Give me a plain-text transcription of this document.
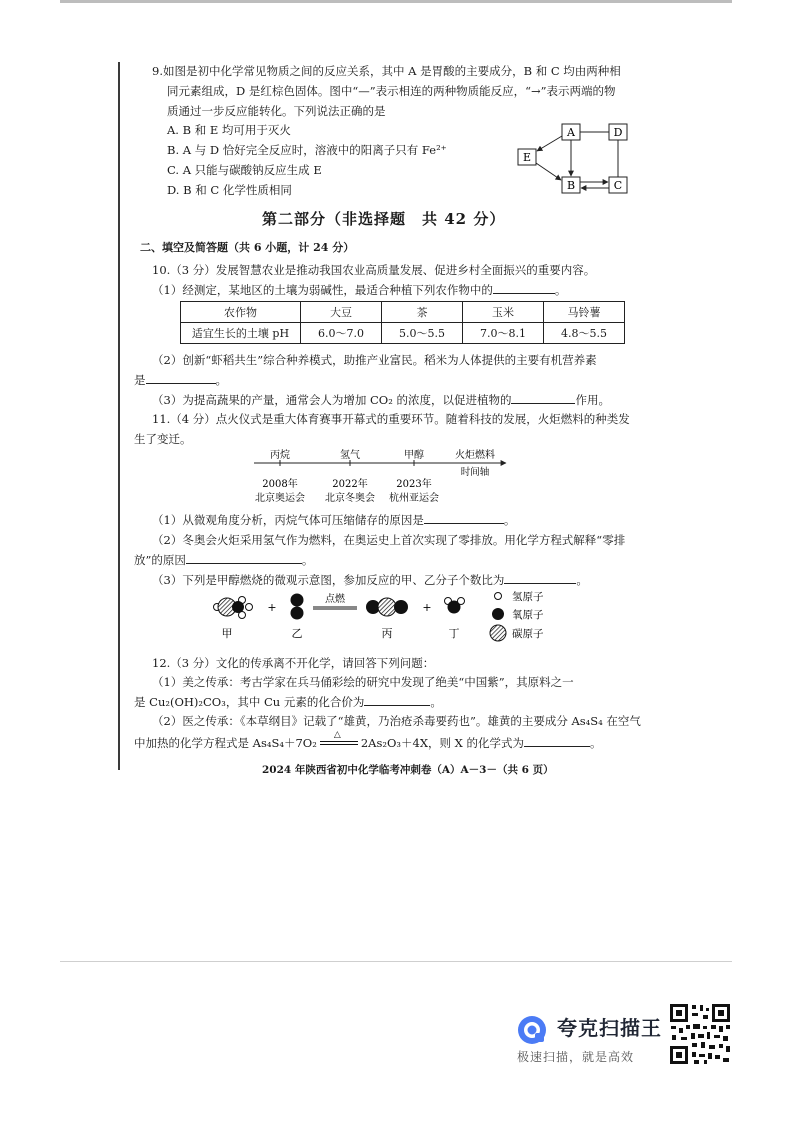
9.如图是初中化学常见物质之间的反应关系，其中 A 是胃酸的主要成分，B 和 C 均由两种相
同元素组成，D 是红棕色固体。图中“—”表示相连的两种物质能反应，“→”表示两端的物
质通过一步反应能转化。下列说法正确的是
A. B 和 E 均可用于灭火
B. A 与 D 恰好完全反应时，溶液中的阳离子只有 Fe²⁺
C. A 只能与碳酸钠反应生成 E
D. B 和 C 化学性质相同
A	D
E
B	C
第二部分（非选择题　共 42 分）
二、填空及简答题（共 6 小题，计 24 分）
10.（3 分）发展智慧农业是推动我国农业高质量发展、促进乡村全面振兴的重要内容。
（1）经测定，某地区的土壤为弱碱性，最适合种植下列农作物中的	。
农作物	大豆	茶	玉米	马铃薯
适宜生长的土壤 pH	6.0～7.0	5.0～5.5	7.0～8.1	4.8～5.5
（2）创新“虾稻共生”综合种养模式，助推产业富民。稻米为人体提供的主要有机营养素
是	。
（3）为提高蔬果的产量，通常会人为增加 CO₂ 的浓度，以促进植物的	作用。
11.（4 分）点火仪式是重大体育赛事开幕式的重要环节。随着科技的发展，火炬燃料的种类发
生了变迁。
丙烷	氢气	甲醇	火炬燃料
时间轴
2008年	2022年	2023年
北京奥运会 北京冬奥会 杭州亚运会
（1）从微观角度分析，丙烷气体可压缩储存的原因是	。
（2）冬奥会火炬采用氢气作为燃料，在奥运史上首次实现了零排放。用化学方程式解释“零排
放”的原因	。
（3）下列是甲醇燃烧的微观示意图，参加反应的甲、乙分子个数比为	。
+
点燃
+
甲	乙	丙	丁
氢原子
氧原子
碳原子
12.（3 分）文化的传承离不开化学，请回答下列问题：
（1）美之传承：考古学家在兵马俑彩绘的研究中发现了绝美“中国紫”，其原料之一
是 Cu₂(OH)₂CO₃，其中 Cu 元素的化合价为	。
（2）医之传承：《本草纲目》记载了“雄黄，乃治疮杀毒要药也”。雄黄的主要成分 As₄S₄ 在空气
中加热的化学方程式是 As₄S₄＋7O₂
△
2As₂O₃＋4X，则 X 的化学式为	。
2024 年陕西省初中化学临考冲刺卷（A）A－3－（共 6 页）
夸克扫描王
极速扫描，就是高效
